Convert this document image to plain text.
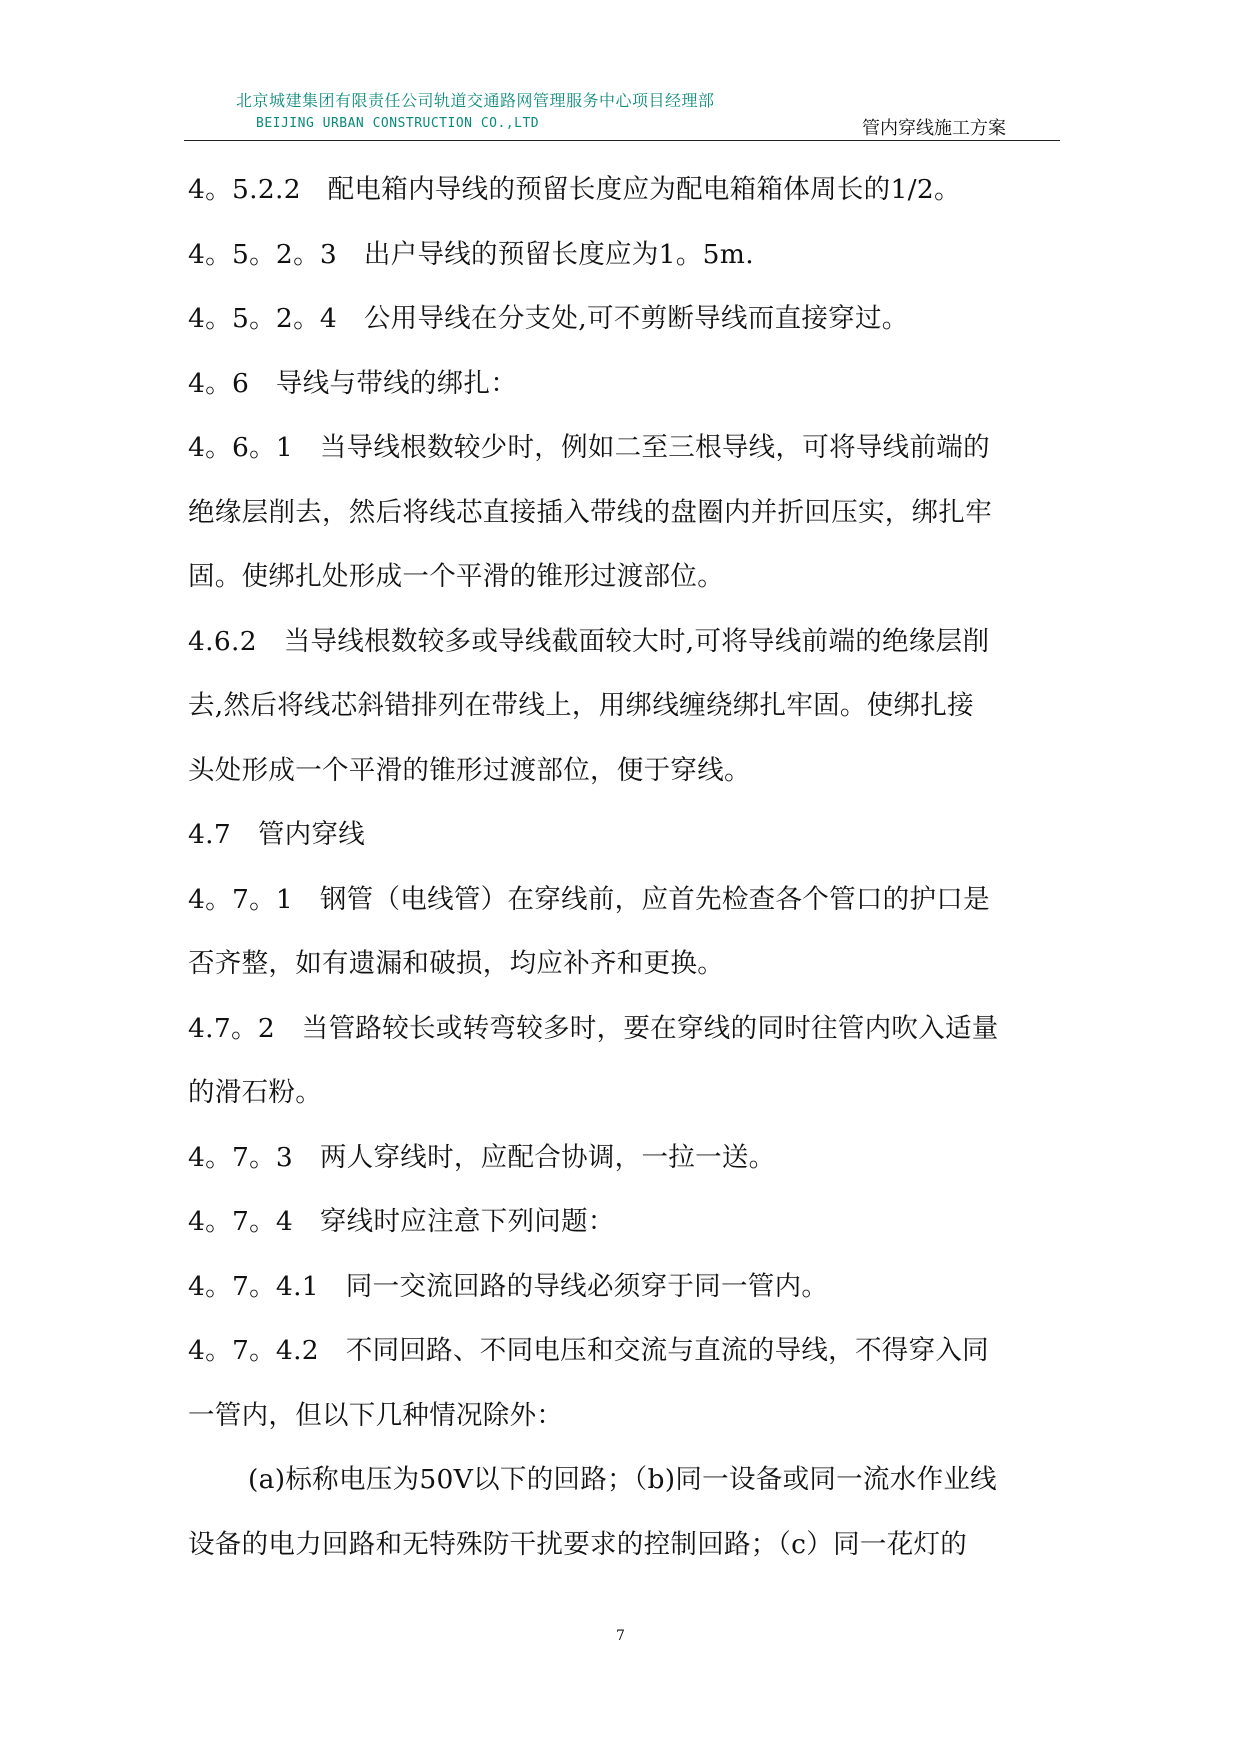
北京城建集团有限责任公司轨道交通路网管理服务中心项目经理部
BEIJING URBAN CONSTRUCTION CO.,LTD	管内穿线施工方案
4。5.2.2　配电箱内导线的预留长度应为配电箱箱体周长的1/2。
4。5。2。3　出户导线的预留长度应为1。5m.
4。5。2。4　公用导线在分支处,可不剪断导线而直接穿过。
4。6　导线与带线的绑扎：
4。6。1　当导线根数较少时，例如二至三根导线，可将导线前端的
绝缘层削去，然后将线芯直接插入带线的盘圈内并折回压实，绑扎牢
固。使绑扎处形成一个平滑的锥形过渡部位。
4.6.2　当导线根数较多或导线截面较大时,可将导线前端的绝缘层削
去,然后将线芯斜错排列在带线上，用绑线缠绕绑扎牢固。使绑扎接
头处形成一个平滑的锥形过渡部位，便于穿线。
4.7　管内穿线
4。7。1　钢管（电线管）在穿线前，应首先检查各个管口的护口是
否齐整，如有遗漏和破损，均应补齐和更换。
4.7。2　当管路较长或转弯较多时，要在穿线的同时往管内吹入适量
的滑石粉。
4。7。3　两人穿线时，应配合协调，一拉一送。
4。7。4　穿线时应注意下列问题：
4。7。4.1　同一交流回路的导线必须穿于同一管内。
4。7。4.2　不同回路、不同电压和交流与直流的导线，不得穿入同
一管内，但以下几种情况除外：
(a)标称电压为50V以下的回路；（b)同一设备或同一流水作业线
设备的电力回路和无特殊防干扰要求的控制回路；（c）同一花灯的
7
